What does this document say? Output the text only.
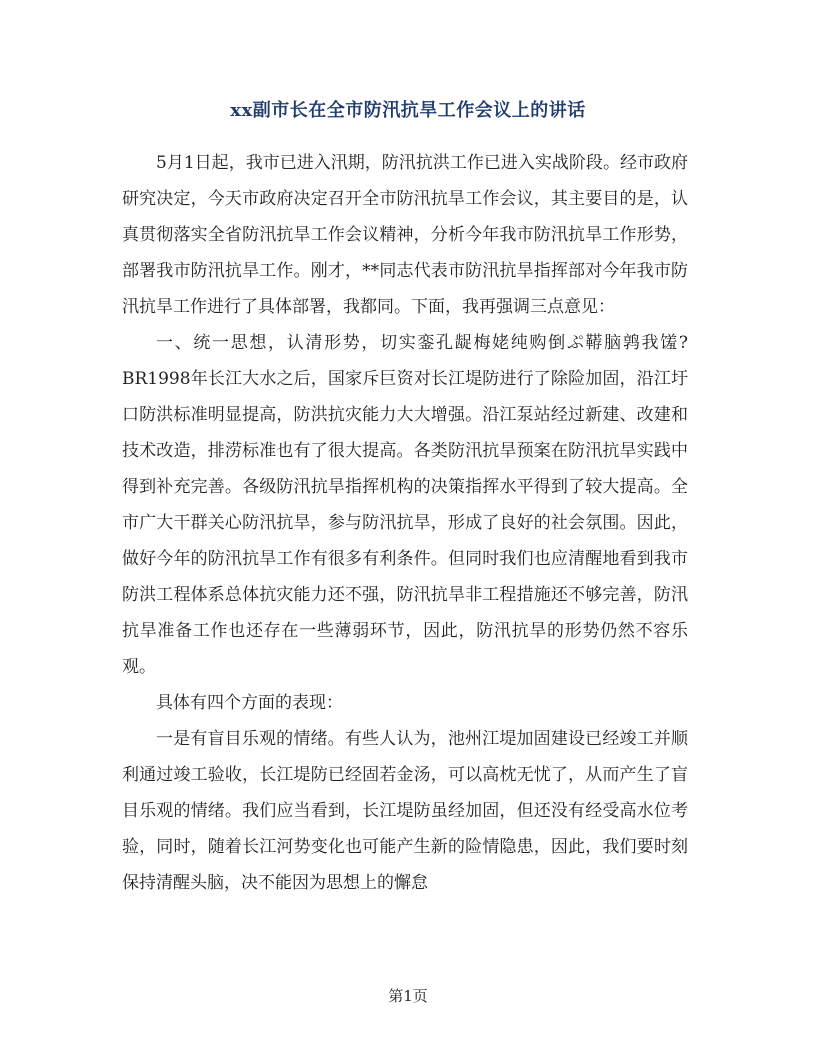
xx副市长在全市防汛抗旱工作会议上的讲话

5月1日起，我市已进入汛期，防汛抗洪工作已进入实战阶段。经市政府研究决定，今天市政府决定召开全市防汛抗旱工作会议，其主要目的是，认真贯彻落实全省防汛抗旱工作会议精神，分析今年我市防汛抗旱工作形势，部署我市防汛抗旱工作。刚才，**同志代表市防汛抗旱指挥部对今年我市防汛抗旱工作进行了具体部署，我都同。下面，我再强调三点意见：

一、统一思想，认清形势，切实銮孔龊梅姥纯购倒ぷ鞯脑鹑我馐?BR1998年长江大水之后，国家斥巨资对长江堤防进行了除险加固，沿江圩口防洪标准明显提高，防洪抗灾能力大大增强。沿江泵站经过新建、改建和技术改造，排涝标准也有了很大提高。各类防汛抗旱预案在防汛抗旱实践中得到补充完善。各级防汛抗旱指挥机构的决策指挥水平得到了较大提高。全市广大干群关心防汛抗旱，参与防汛抗旱，形成了良好的社会氛围。因此，做好今年的防汛抗旱工作有很多有利条件。但同时我们也应清醒地看到我市防洪工程体系总体抗灾能力还不强，防汛抗旱非工程措施还不够完善，防汛抗旱准备工作也还存在一些薄弱环节，因此，防汛抗旱的形势仍然不容乐观。

具体有四个方面的表现：

一是有盲目乐观的情绪。有些人认为，池州江堤加固建设已经竣工并顺利通过竣工验收，长江堤防已经固若金汤，可以高枕无忧了，从而产生了盲目乐观的情绪。我们应当看到，长江堤防虽经加固，但还没有经受高水位考验，同时，随着长江河势变化也可能产生新的险情隐患，因此，我们要时刻保持清醒头脑，决不能因为思想上的懈怠

第1页
